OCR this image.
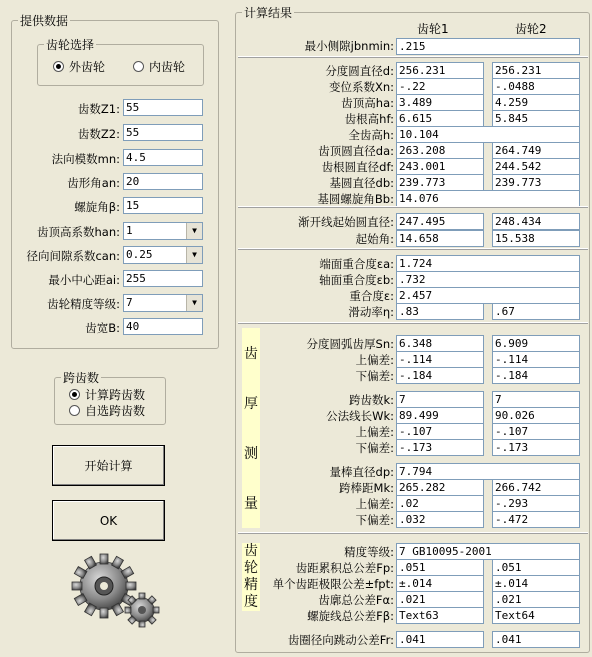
提供数据
齿轮选择
外齿轮	内齿轮
齿数Z1: 55
齿数Z2: 55
法向模数mn: 4.5
齿形角an: 20
螺旋角β: 15
齿顶高系数han: 1	▼
径向间隙系数can: 0.25	▼
最小中心距ai: 255
齿轮精度等级: 7	▼
齿宽B: 40
跨齿数
计算跨齿数
自选跨齿数
开始计算
OK
计算结果
齿轮1	齿轮2
最小侧隙jbnmin: .215
分度圆直径d: 256.231	256.231
变位系数Xn: -.22	-.0488
齿顶高ha: 3.489	4.259
齿根高hf: 6.615	5.845
全齿高h: 10.104
齿顶圆直径da: 263.208	264.749
齿根圆直径df: 243.001	244.542
基圆直径db: 239.773	239.773
基圆螺旋角Bb: 14.076
渐开线起始圆直径: 247.495	248.434
起始角: 14.658	15.538
端面重合度εa: 1.724
轴面重合度εb: .732
重合度ε: 2.457
滑动率η: .83	.67
分度圆弧齿厚Sn: 6.348	6.909
上偏差: -.114	-.114
下偏差: -.184	-.184
跨齿数k: 7	7
公法线长Wk: 89.499	90.026
上偏差: -.107	-.107
下偏差: -.173	-.173
量棒直径dp: 7.794
跨棒距Mk: 265.282	266.742
上偏差: .02	-.293
下偏差: .032	-.472
精度等级: 7 GB10095-2001
齿距累积总公差Fp: .051	.051
单个齿距极限公差±fpt: ±.014	±.014
齿廓总公差Fα: .021	.021
螺旋线总公差Fβ: Text63	Text64
齿圈径向跳动公差Fr: .041	.041
齿
厚
测
量
齿
轮
精
度
